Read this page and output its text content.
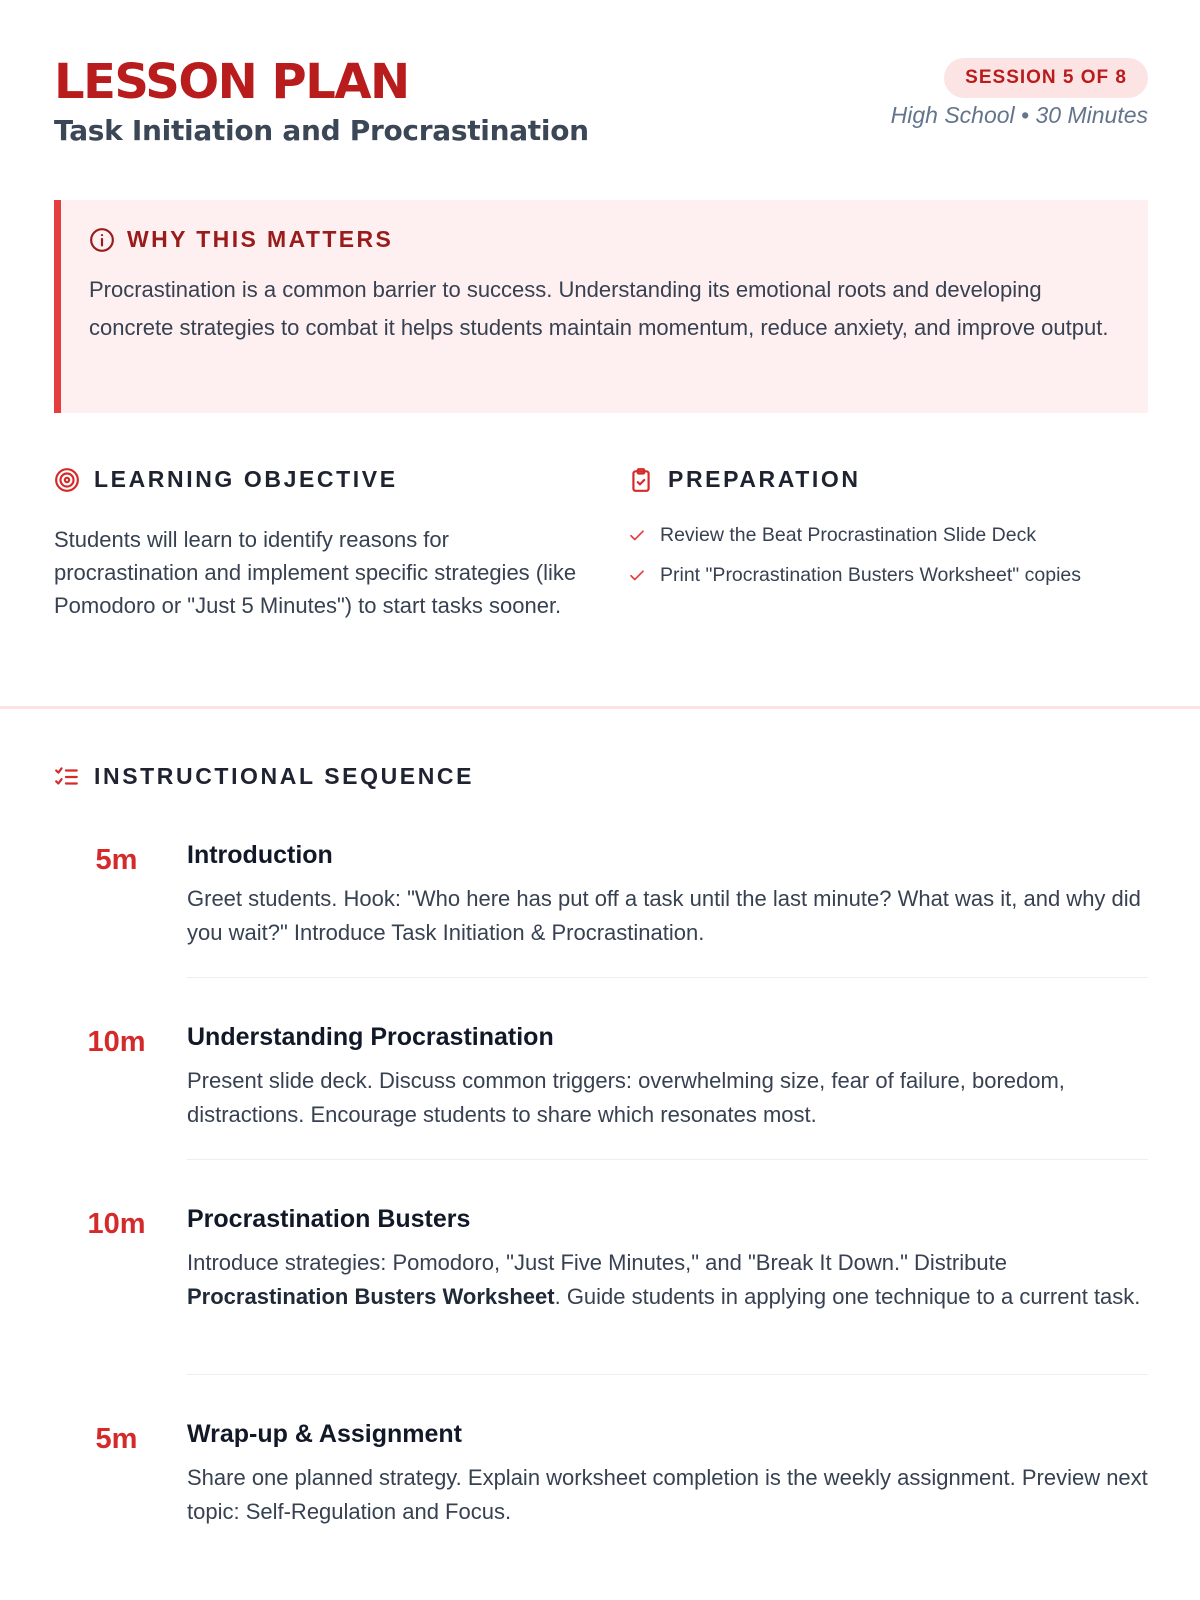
LESSON PLAN
Task Initiation and Procrastination
SESSION 5 OF 8
High School • 30 Minutes
WHY THIS MATTERS

Procrastination is a common barrier to success. Understanding its emotional roots and developing concrete strategies to combat it helps students maintain momentum, reduce anxiety, and improve output.

LEARNING OBJECTIVE

Students will learn to identify reasons for procrastination and implement specific strategies (like Pomodoro or "Just 5 Minutes") to start tasks sooner.

PREPARATION
Review the Beat Procrastination Slide Deck
Print "Procrastination Busters Worksheet" copies
INSTRUCTIONAL SEQUENCE
5m	Introduction

Greet students. Hook: "Who here has put off a task until the last minute? What was it, and why did you wait?" Introduce Task Initiation & Procrastination.

10m	Understanding Procrastination

Present slide deck. Discuss common triggers: overwhelming size, fear of failure, boredom, distractions. Encourage students to share which resonates most.

10m	Procrastination Busters

Introduce strategies: Pomodoro, "Just Five Minutes," and "Break It Down." Distribute Procrastination Busters Worksheet. Guide students in applying one technique to a current task.

5m	Wrap-up & Assignment

Share one planned strategy. Explain worksheet completion is the weekly assignment. Preview next topic: Self-Regulation and Focus.
